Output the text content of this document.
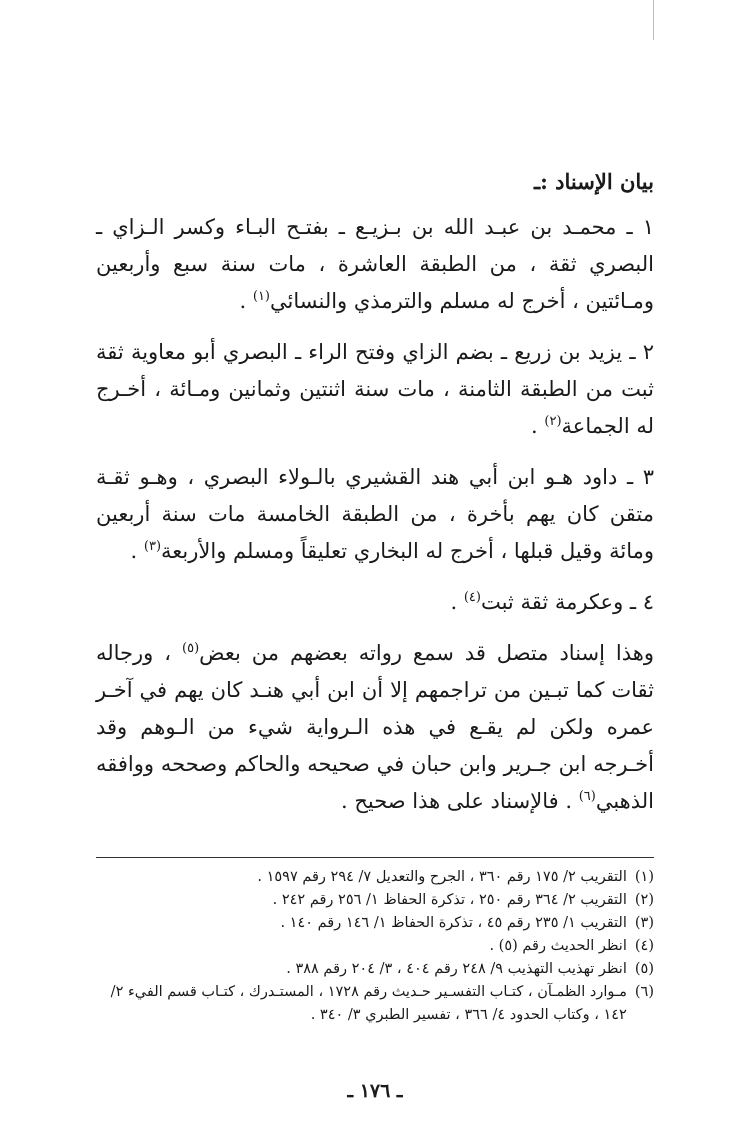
بيان الإسناد :ـ

١ ـ محمـد بن عبـد الله بن بـزيـع ـ بفتـح البـاء وكسر الـزاي ـ البصري ثقة ، من الطبقة العاشرة ، مات سنة سبع وأربعين ومـائتين ، أخرج له مسلم والترمذي والنسائي$^{(١)}$ .

٢ ـ يزيد بن زريع ـ بضم الزاي وفتح الراء ـ البصري أبو معاوية ثقة ثبت من الطبقة الثامنة ، مات سنة اثنتين وثمانين ومـائة ، أخـرج له الجماعة$^{(٢)}$ .

٣ ـ داود هـو ابن أبي هند القشيري بالـولاء البصري ، وهـو ثقـة متقن كان يهم بأخرة ، من الطبقة الخامسة مات سنة أربعين ومائة وقيل قبلها ، أخرج له البخاري تعليقاً ومسلم والأربعة$^{(٣)}$ .

٤ ـ وعكرمة ثقة ثبت$^{(٤)}$ .

وهذا إسناد متصل قد سمع رواته بعضهم من بعض$^{(٥)}$ ، ورجاله ثقات كما تبـين من تراجمهم إلا أن ابن أبي هنـد كان يهم في آخـر عمره ولكن لم يقـع في هذه الـرواية شيء من الـوهم وقد أخـرجه ابن جـرير وابن حبان في صحيحه والحاكم وصححه ووافقه الذهبي$^{(٦)}$ . فالإسناد على هذا صحيح .

(١)
التقريب ٢/ ١٧٥ رقم ٣٦٠ ، الجرح والتعديل ٧/ ٢٩٤ رقم ١٥٩٧ .
(٢)
التقريب ٢/ ٣٦٤ رقم ٢٥٠ ، تذكرة الحفاظ ١/ ٢٥٦ رقم ٢٤٢ .
(٣)
التقريب ١/ ٢٣٥ رقم ٤٥ ، تذكرة الحفاظ ١/ ١٤٦ رقم ١٤٠ .
(٤)
انظر الحديث رقم (٥) .
(٥)
انظر تهذيب التهذيب ٩/ ٢٤٨ رقم ٤٠٤ ، ٣/ ٢٠٤ رقم ٣٨٨ .
(٦)
مـوارد الظمـآن ، كتـاب التفسـير حـديث رقم ١٧٢٨ ، المستـدرك ، كتـاب قسم الفيء ٢/ ١٤٢ ، وكتاب الحدود ٤/ ٣٦٦ ، تفسير الطبري ٣/ ٣٤٠ .
ـ ١٧٦ ـ
